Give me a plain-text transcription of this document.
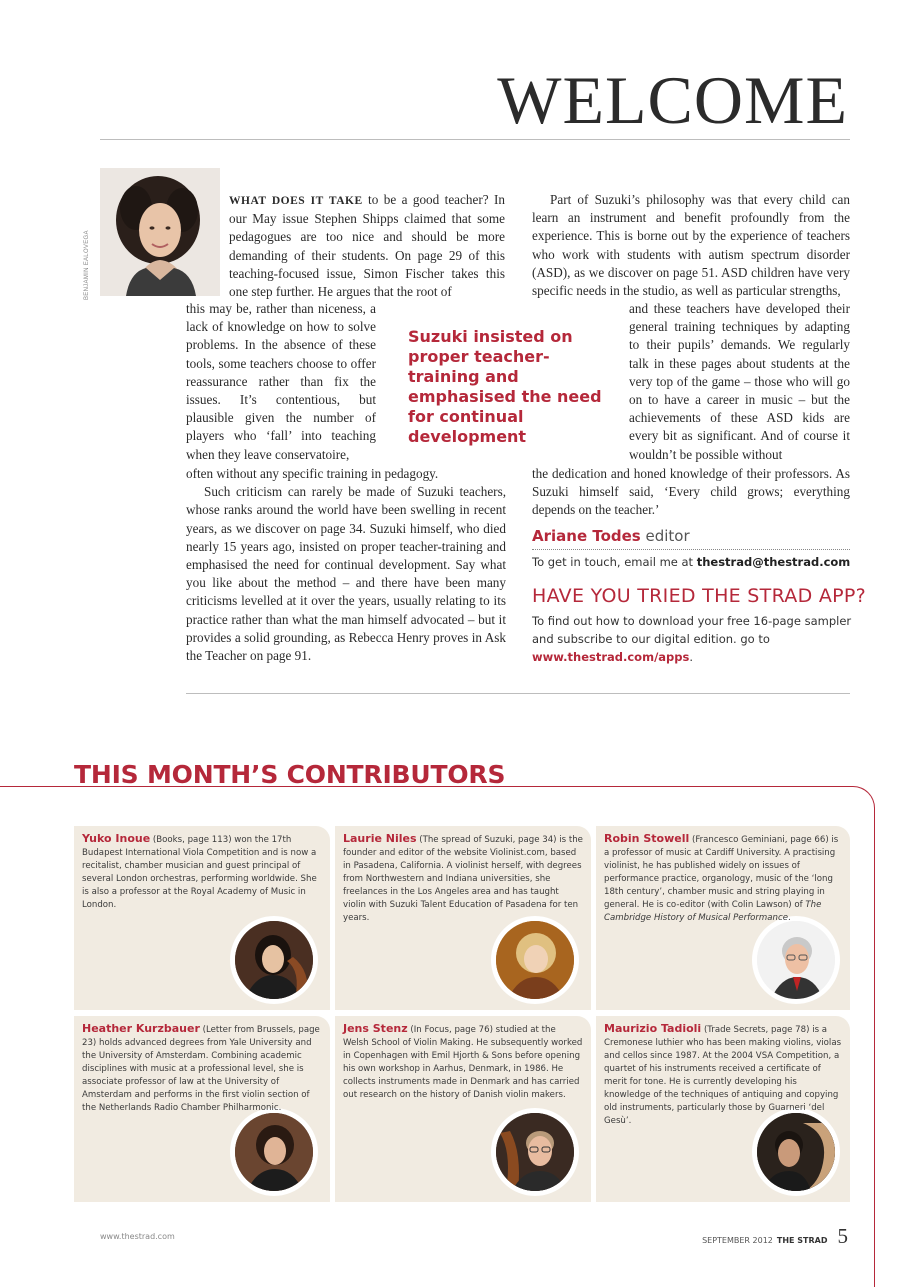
WELCOME
BENJAMIN EALOVEGA
WHAT DOES IT TAKE to be a good teacher? In our May issue Stephen Shipps claimed that some pedagogues are too nice and should be more demanding of their students. On page 29 of this teaching-focused issue, Simon Fischer takes this one step further. He argues that the root of
this may be, rather than niceness, a lack of knowledge on how to solve problems. In the absence of these tools, some teachers choose to offer reassurance rather than fix the issues. It’s contentious, but plausible given the number of players who ‘fall’ into teaching when they leave conservatoire,
often without any specific training in pedagogy.
Such criticism can rarely be made of Suzuki teachers, whose ranks around the world have been swelling in recent years, as we discover on page 34. Suzuki himself, who died nearly 15 years ago, insisted on proper teacher-training and emphasised the need for continual development. Say what you like about the method – and there have been many criticisms levelled at it over the years, usually relating to its practice rather than what the man himself advocated – but it provides a solid grounding, as Rebecca Henry proves in Ask the Teacher on page 91.
Suzuki insisted on proper teacher-training and emphasised the need for continual development
Part of Suzuki’s philosophy was that every child can learn an instrument and benefit profoundly from the experience. This is borne out by the experience of teachers who work with students with autism spectrum disorder (ASD), as we discover on page 51. ASD children have very specific needs in the studio, as well as particular strengths,
and these teachers have developed their general training techniques by adapting to their pupils’ demands. We regularly talk in these pages about students at the very top of the game – those who will go on to have a career in music – but the achievements of these ASD kids are every bit as significant. And of course it wouldn’t be possible without
the dedication and honed knowledge of their professors. As Suzuki himself said, ‘Every child grows; everything depends on the teacher.’
Ariane Todes editor
To get in touch, email me at thestrad@thestrad.com
HAVE YOU TRIED THE STRAD APP?
To find out how to download your free 16-page sampler and subscribe to our digital edition. go to www.thestrad.com/apps.
THIS MONTH’S CONTRIBUTORS
Yuko Inoue (Books, page 113) won the 17th Budapest International Viola Competition and is now a recitalist, chamber musician and guest principal of several London orchestras, performing worldwide. She is also a professor at the Royal Academy of Music in London.
Laurie Niles (The spread of Suzuki, page 34) is the founder and editor of the website Violinist.com, based in Pasadena, California. A violinist herself, with degrees from Northwestern and Indiana universities, she freelances in the Los Angeles area and has taught violin with Suzuki Talent Education of Pasadena for ten years.
Robin Stowell (Francesco Geminiani, page 66) is a professor of music at Cardiff University. A practising violinist, he has published widely on issues of performance practice, organology, music of the ‘long 18th century’, chamber music and string playing in general. He is co-editor (with Colin Lawson) of The Cambridge History of Musical Performance.
Heather Kurzbauer (Letter from Brussels, page 23) holds advanced degrees from Yale University and the University of Amsterdam. Combining academic disciplines with music at a professional level, she is associate professor of law at the University of Amsterdam and performs in the first violin section of the Netherlands Radio Chamber Philharmonic.
Jens Stenz (In Focus, page 76) studied at the Welsh School of Violin Making. He subsequently worked in Copenhagen with Emil Hjorth & Sons before opening his own workshop in Aarhus, Denmark, in 1986. He collects instruments made in Denmark and has carried out research on the history of Danish violin makers.
Maurizio Tadioli (Trade Secrets, page 78) is a Cremonese luthier who has been making violins, violas and cellos since 1987. At the 2004 VSA Competition, a quartet of his instruments received a certificate of merit for tone. He is currently developing his knowledge of the techniques of antiquing and copying old instruments, particularly those by Guarneri ‘del Gesù’.
www.thestrad.com	SEPTEMBER 2012 THE STRAD 5
